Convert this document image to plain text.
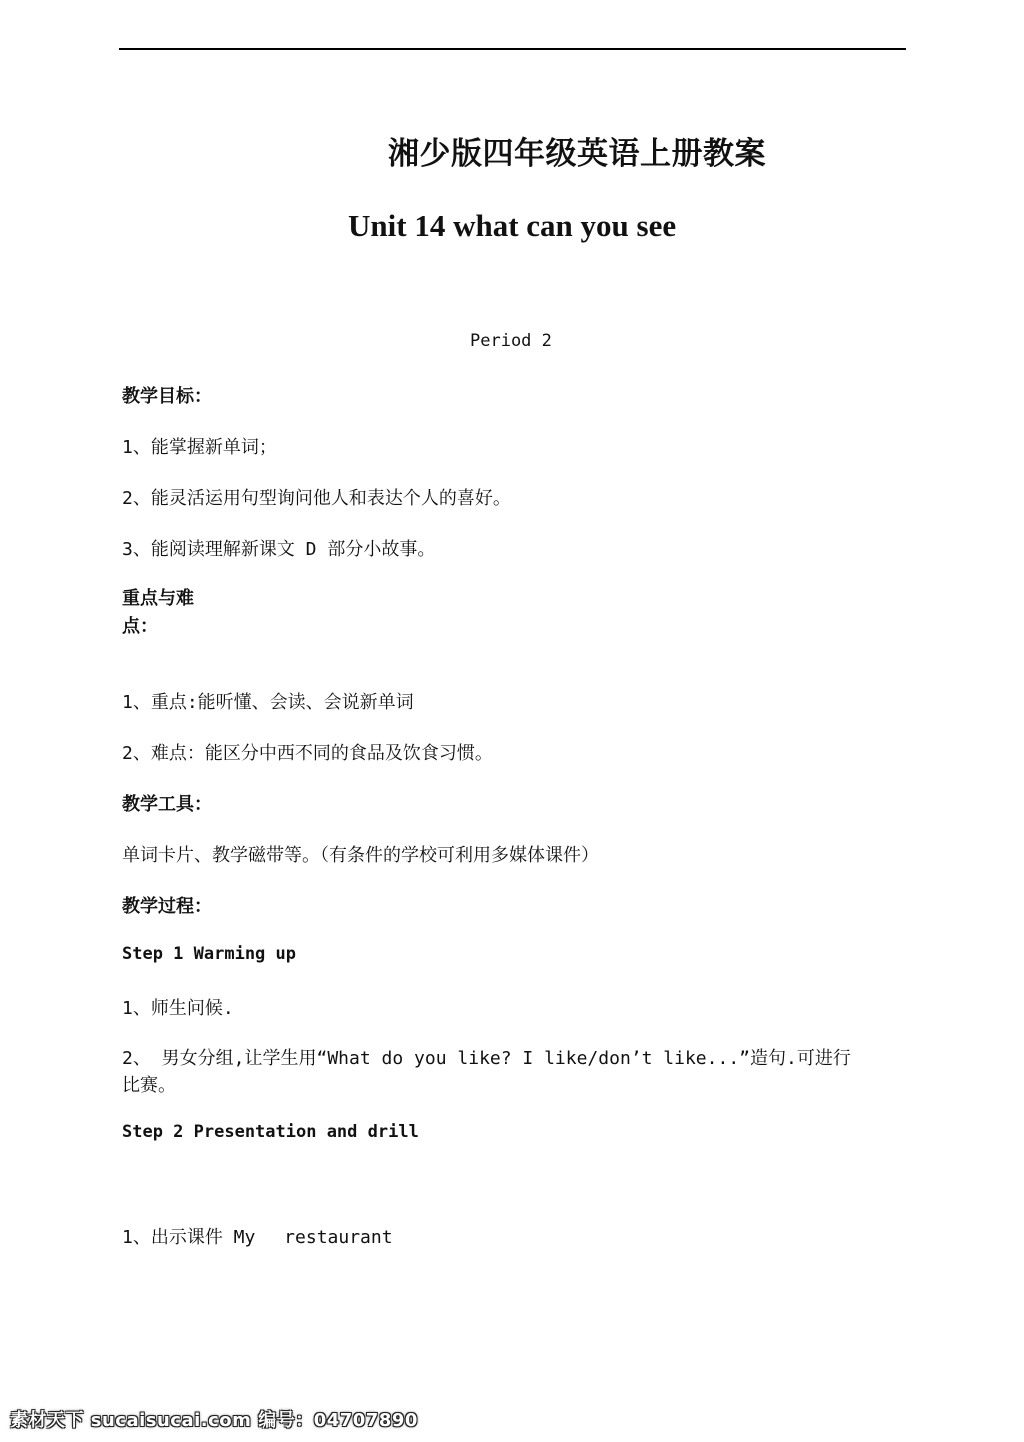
湘少版四年级英语上册教案
Unit 14 what can you see
Period 2
教学目标：
1、能掌握新单词；
2、能灵活运用句型询问他人和表达个人的喜好。
3、能阅读理解新课文 D 部分小故事。
重点与难
点：
1、重点:能听懂、会读、会说新单词
2、难点：能区分中西不同的食品及饮食习惯。
教学工具：
单词卡片、教学磁带等。（有条件的学校可利用多媒体课件）
教学过程：
Step 1 Warming up
1、师生问候.
2、 男女分组,让学生用“What do you like? I like/don’t like...”造句.可进行
比赛。
Step 2 Presentation and drill
1、出示课件 My　 restaurant
素材天下 sucaisucai.com 编号：04707890
